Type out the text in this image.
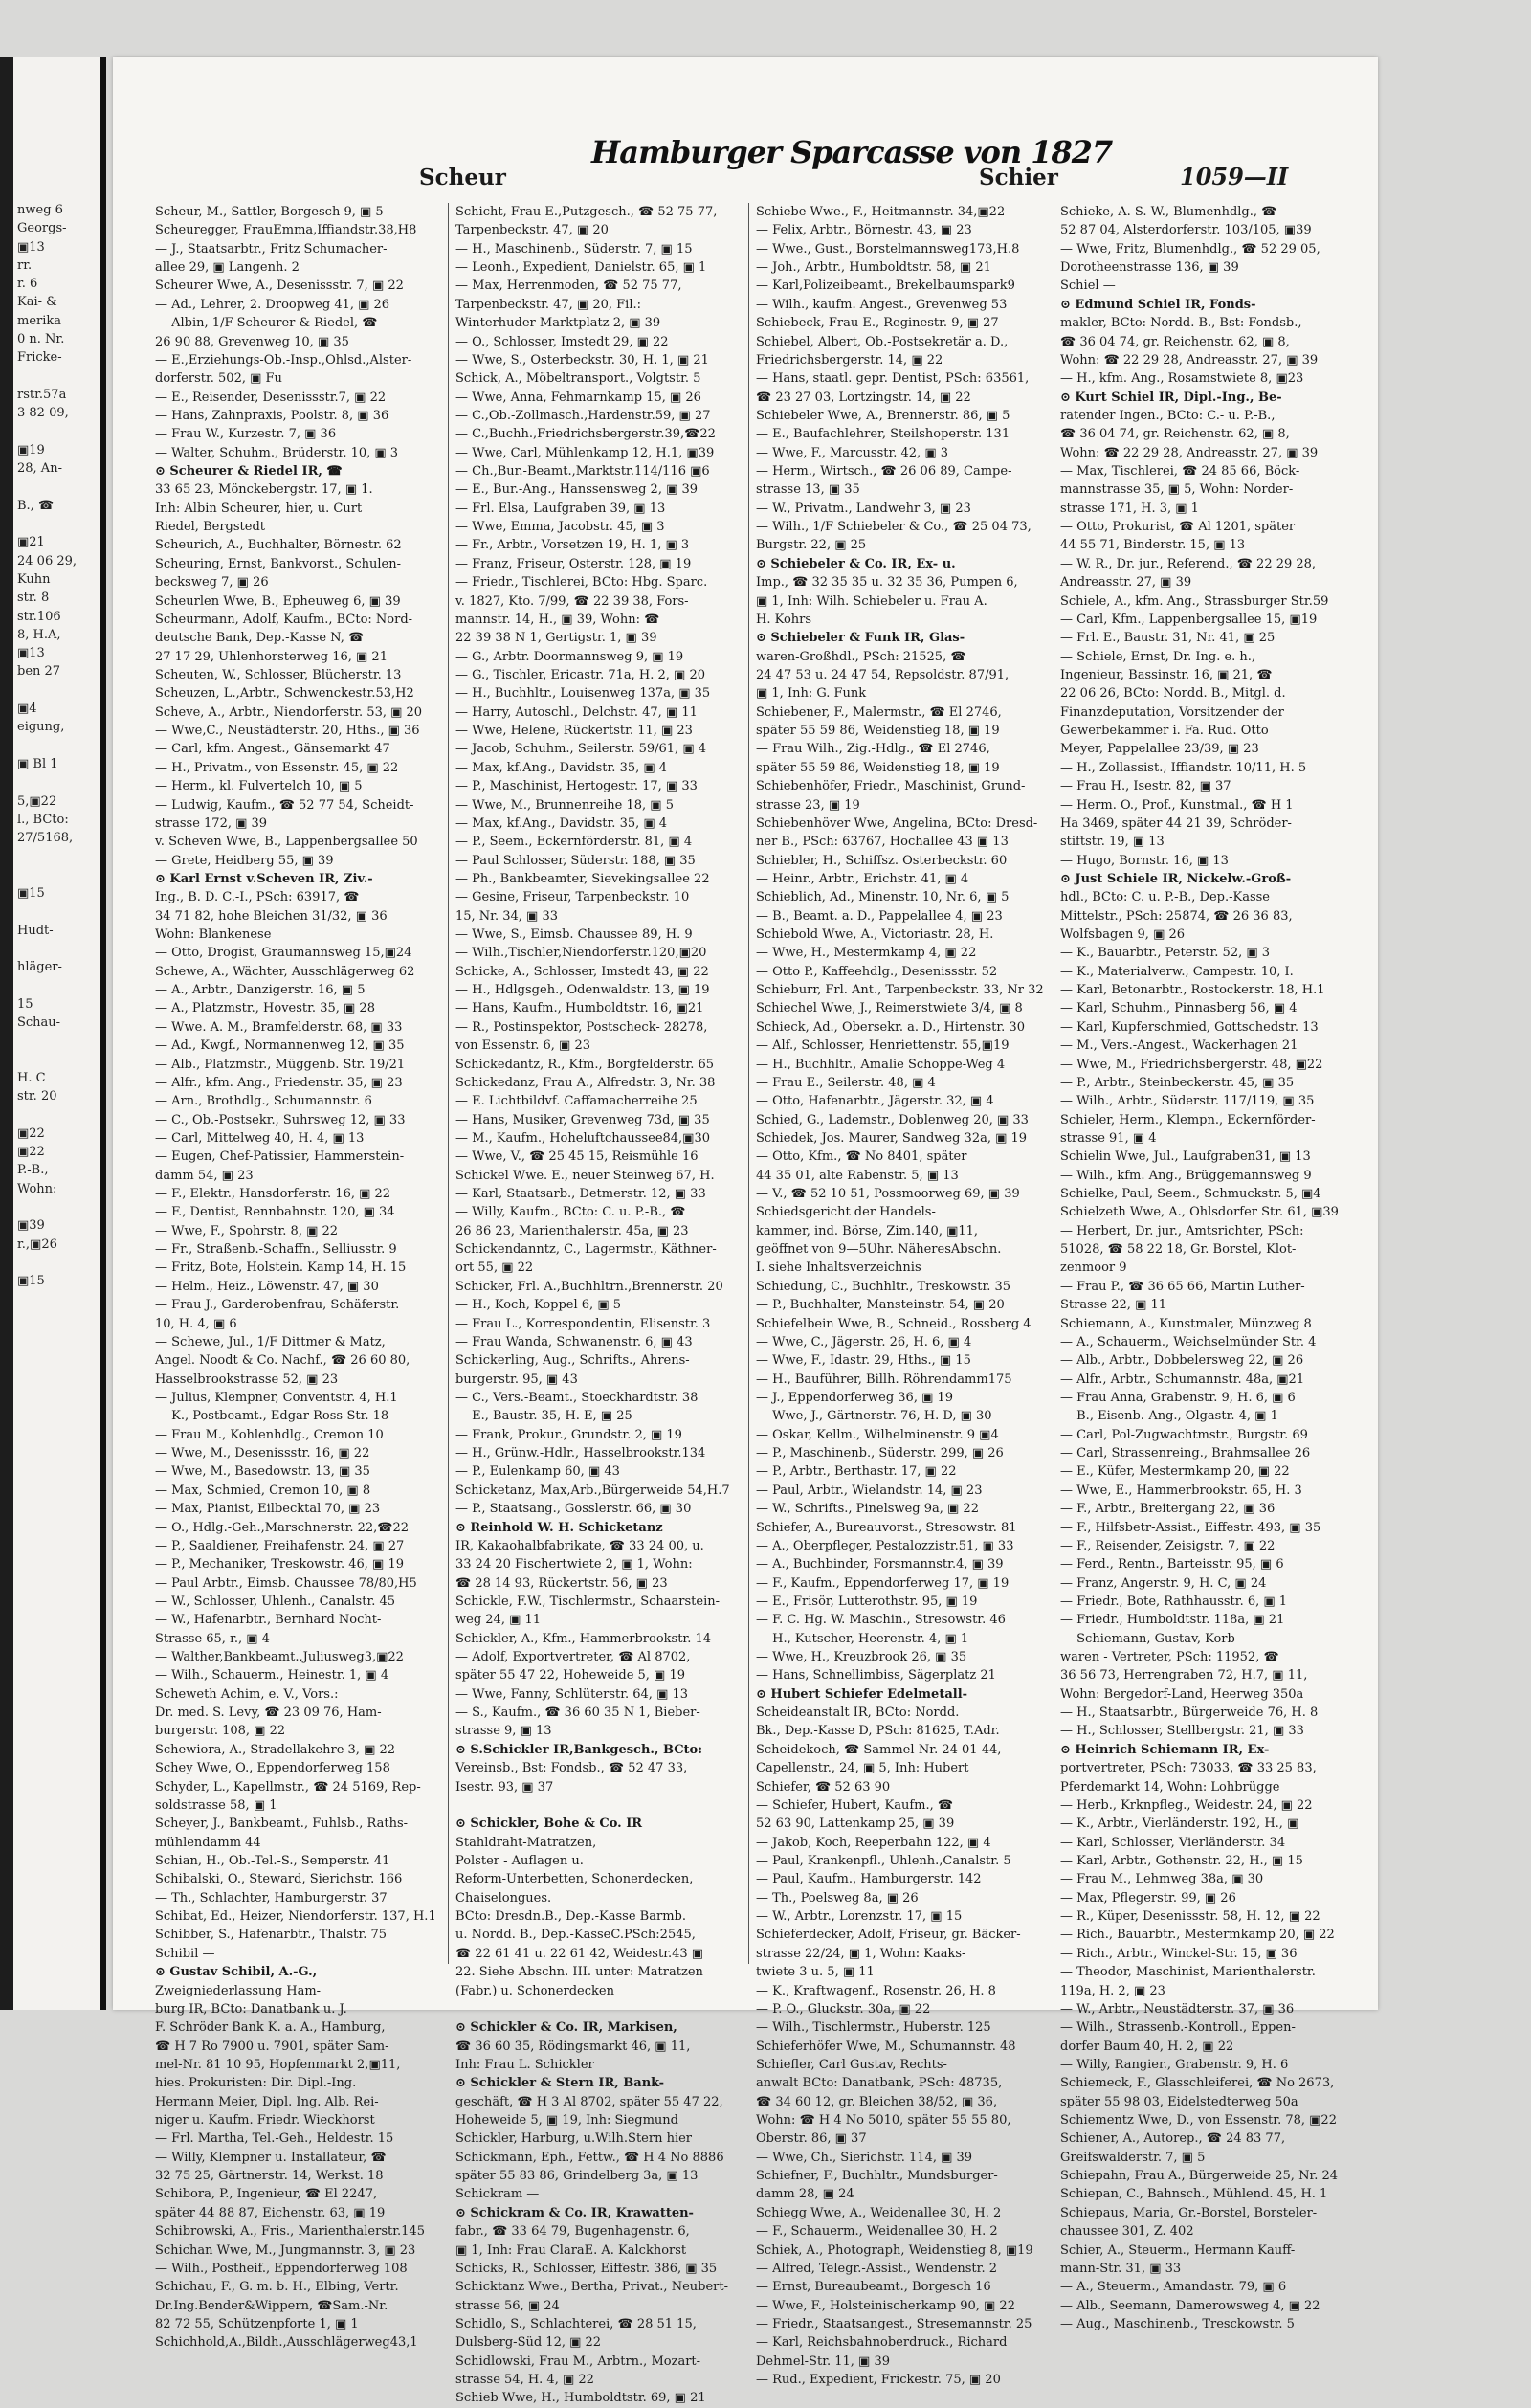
nweg 6
Georgs-
▣13
rr.
r. 6
Kai- &
merika
0 n. Nr.
Fricke-

rstr.57a
3 82 09,

▣19
28, An-

B., ☎

▣21
24 06 29,
Kuhn
str. 8
str.106
8, H.A,
▣13
ben 27

▣4
eigung,

▣ Bl 1

5,▣22
l., BCto:
27/5168,

▣15

Hudt-

hläger-

15
Schau-

H. C
str. 20

▣22
▣22
P.-B.,
Wohn:

▣39
r.,▣26

▣15
Scheur
Hamburger Sparcasse von 1827
Schier	1059—II
Scheur, M., Sattler, Borgesch 9, ▣ 5
Scheuregger, FrauEmma,Iffiandstr.38,H8
— J., Staatsarbtr., Fritz Schumacher-
allee 29, ▣ Langenh. 2
Scheurer Wwe, A., Desenissstr. 7, ▣ 22
— Ad., Lehrer, 2. Droopweg 41, ▣ 26
— Albin, 1/F Scheurer & Riedel, ☎
26 90 88, Grevenweg 10, ▣ 35
— E.,Erziehungs-Ob.-Insp.,Ohlsd.,Alster-
dorferstr. 502, ▣ Fu
— E., Reisender, Desenissstr.7, ▣ 22
— Hans, Zahnpraxis, Poolstr. 8, ▣ 36
— Frau W., Kurzestr. 7, ▣ 36
— Walter, Schuhm., Brüderstr. 10, ▣ 3
⊙ Scheurer & Riedel IR, ☎
33 65 23, Mönckebergstr. 17, ▣ 1.
Inh: Albin Scheurer, hier, u. Curt
Riedel, Bergstedt
Scheurich, A., Buchhalter, Börnestr. 62
Scheuring, Ernst, Bankvorst., Schulen-
becksweg 7, ▣ 26
Scheurlen Wwe, B., Epheuweg 6, ▣ 39
Scheurmann, Adolf, Kaufm., BCto: Nord-
deutsche Bank, Dep.-Kasse N, ☎
27 17 29, Uhlenhorsterweg 16, ▣ 21
Scheuten, W., Schlosser, Blücherstr. 13
Scheuzen, L.,Arbtr., Schwenckestr.53,H2
Scheve, A., Arbtr., Niendorferstr. 53, ▣ 20
— Wwe,C., Neustädterstr. 20, Hths., ▣ 36
— Carl, kfm. Angest., Gänsemarkt 47
— H., Privatm., von Essenstr. 45, ▣ 22
— Herm., kl. Fulvertelch 10, ▣ 5
— Ludwig, Kaufm., ☎ 52 77 54, Scheidt-
strasse 172, ▣ 39
v. Scheven Wwe, B., Lappenbergsallee 50
— Grete, Heidberg 55, ▣ 39
⊙ Karl Ernst v.Scheven IR, Ziv.-
Ing., B. D. C.-I., PSch: 63917, ☎
34 71 82, hohe Bleichen 31/32, ▣ 36
Wohn: Blankenese
— Otto, Drogist, Graumannsweg 15,▣24
Schewe, A., Wächter, Ausschlägerweg 62
— A., Arbtr., Danzigerstr. 16, ▣ 5
— A., Platzmstr., Hovestr. 35, ▣ 28
— Wwe. A. M., Bramfelderstr. 68, ▣ 33
— Ad., Kwgf., Normannenweg 12, ▣ 35
— Alb., Platzmstr., Müggenb. Str. 19/21
— Alfr., kfm. Ang., Friedenstr. 35, ▣ 23
— Arn., Brothdlg., Schumannstr. 6
— C., Ob.-Postsekr., Suhrsweg 12, ▣ 33
— Carl, Mittelweg 40, H. 4, ▣ 13
— Eugen, Chef-Patissier, Hammerstein-
damm 54, ▣ 23
— F., Elektr., Hansdorferstr. 16, ▣ 22
— F., Dentist, Rennbahnstr. 120, ▣ 34
— Wwe, F., Spohrstr. 8, ▣ 22
— Fr., Straßenb.-Schaffn., Selliusstr. 9
— Fritz, Bote, Holstein. Kamp 14, H. 15
— Helm., Heiz., Löwenstr. 47, ▣ 30
— Frau J., Garderobenfrau, Schäferstr.
10, H. 4, ▣ 6
— Schewe, Jul., 1/F Dittmer & Matz,
Angel. Noodt & Co. Nachf., ☎ 26 60 80,
Hasselbrookstrasse 52, ▣ 23
— Julius, Klempner, Conventstr. 4, H.1
— K., Postbeamt., Edgar Ross-Str. 18
— Frau M., Kohlenhdlg., Cremon 10
— Wwe, M., Desenissstr. 16, ▣ 22
— Wwe, M., Basedowstr. 13, ▣ 35
— Max, Schmied, Cremon 10, ▣ 8
— Max, Pianist, Eilbecktal 70, ▣ 23
— O., Hdlg.-Geh.,Marschnerstr. 22,☎22
— P., Saaldiener, Freihafenstr. 24, ▣ 27
— P., Mechaniker, Treskowstr. 46, ▣ 19
— Paul Arbtr., Eimsb. Chaussee 78/80,H5
— W., Schlosser, Uhlenh., Canalstr. 45
— W., Hafenarbtr., Bernhard Nocht-
Strasse 65, r., ▣ 4
— Walther,Bankbeamt.,Juliusweg3,▣22
— Wilh., Schauerm., Heinestr. 1, ▣ 4
Scheweth Achim, e. V., Vors.:
Dr. med. S. Levy, ☎ 23 09 76, Ham-
burgerstr. 108, ▣ 22
Schewiora, A., Stradellakehre 3, ▣ 22
Schey Wwe, O., Eppendorferweg 158
Schyder, L., Kapellmstr., ☎ 24 5169, Rep-
soldstrasse 58, ▣ 1
Scheyer, J., Bankbeamt., Fuhlsb., Raths-
mühlendamm 44
Schian, H., Ob.-Tel.-S., Semperstr. 41
Schibalski, O., Steward, Sierichstr. 166
— Th., Schlachter, Hamburgerstr. 37
Schibat, Ed., Heizer, Niendorferstr. 137, H.1
Schibber, S., Hafenarbtr., Thalstr. 75
Schibil —
⊙ Gustav Schibil, A.-G.,
Zweigniederlassung Ham-
burg IR, BCto: Danatbank u. J.
F. Schröder Bank K. a. A., Hamburg,
☎ H 7 Ro 7900 u. 7901, später Sam-
mel-Nr. 81 10 95, Hopfenmarkt 2,▣11,
hies. Prokuristen: Dir. Dipl.-Ing.
Hermann Meier, Dipl. Ing. Alb. Rei-
niger u. Kaufm. Friedr. Wieckhorst
— Frl. Martha, Tel.-Geh., Heldestr. 15
— Willy, Klempner u. Installateur, ☎
32 75 25, Gärtnerstr. 14, Werkst. 18
Schibora, P., Ingenieur, ☎ El 2247,
später 44 88 87, Eichenstr. 63, ▣ 19
Schibrowski, A., Fris., Marienthalerstr.145
Schichan Wwe, M., Jungmannstr. 3, ▣ 23
— Wilh., Postheif., Eppendorferweg 108
Schichau, F., G. m. b. H., Elbing, Vertr.
Dr.Ing.Bender&Wippern, ☎Sam.-Nr.
82 72 55, Schützenpforte 1, ▣ 1
Schichhold,A.,Bildh.,Ausschlägerweg43,1
Schicht, Frau E.,Putzgesch., ☎ 52 75 77,
Tarpenbeckstr. 47, ▣ 20
— H., Maschinenb., Süderstr. 7, ▣ 15
— Leonh., Expedient, Danielstr. 65, ▣ 1
— Max, Herrenmoden, ☎ 52 75 77,
Tarpenbeckstr. 47, ▣ 20, Fil.:
Winterhuder Marktplatz 2, ▣ 39
— O., Schlosser, Imstedt 29, ▣ 22
— Wwe, S., Osterbeckstr. 30, H. 1, ▣ 21
Schick, A., Möbeltransport., Volgtstr. 5
— Wwe, Anna, Fehmarnkamp 15, ▣ 26
— C.,Ob.-Zollmasch.,Hardenstr.59, ▣ 27
— C.,Buchh.,Friedrichsbergerstr.39,☎22
— Wwe, Carl, Mühlenkamp 12, H.1, ▣39
— Ch.,Bur.-Beamt.,Marktstr.114/116 ▣6
— E., Bur.-Ang., Hanssensweg 2, ▣ 39
— Frl. Elsa, Laufgraben 39, ▣ 13
— Wwe, Emma, Jacobstr. 45, ▣ 3
— Fr., Arbtr., Vorsetzen 19, H. 1, ▣ 3
— Franz, Friseur, Osterstr. 128, ▣ 19
— Friedr., Tischlerei, BCto: Hbg. Sparc.
v. 1827, Kto. 7/99, ☎ 22 39 38, Fors-
mannstr. 14, H., ▣ 39, Wohn: ☎
22 39 38 N 1, Gertigstr. 1, ▣ 39
— G., Arbtr. Doormannsweg 9, ▣ 19
— G., Tischler, Ericastr. 71a, H. 2, ▣ 20
— H., Buchhltr., Louisenweg 137a, ▣ 35
— Harry, Autoschl., Delchstr. 47, ▣ 11
— Wwe, Helene, Rückertstr. 11, ▣ 23
— Jacob, Schuhm., Seilerstr. 59/61, ▣ 4
— Max, kf.Ang., Davidstr. 35, ▣ 4
— P., Maschinist, Hertogestr. 17, ▣ 33
— Wwe, M., Brunnenreihe 18, ▣ 5
— Max, kf.Ang., Davidstr. 35, ▣ 4
— P., Seem., Eckernförderstr. 81, ▣ 4
— Paul Schlosser, Süderstr. 188, ▣ 35
— Ph., Bankbeamter, Sievekingsallee 22
— Gesine, Friseur, Tarpenbeckstr. 10
15, Nr. 34, ▣ 33
— Wwe, S., Eimsb. Chaussee 89, H. 9
— Wilh.,Tischler,Niendorferstr.120,▣20
Schicke, A., Schlosser, Imstedt 43, ▣ 22
— H., Hdlgsgeh., Odenwaldstr. 13, ▣ 19
— Hans, Kaufm., Humboldtstr. 16, ▣21
— R., Postinspektor, Postscheck- 28278,
von Essenstr. 6, ▣ 23
Schickedantz, R., Kfm., Borgfelderstr. 65
Schickedanz, Frau A., Alfredstr. 3, Nr. 38
— E. Lichtbildvf. Caffamacherreihe 25
— Hans, Musiker, Grevenweg 73d, ▣ 35
— M., Kaufm., Hoheluftchaussee84,▣30
— Wwe, V., ☎ 25 45 15, Reismühle 16
Schickel Wwe. E., neuer Steinweg 67, H.
— Karl, Staatsarb., Detmerstr. 12, ▣ 33
— Willy, Kaufm., BCto: C. u. P.-B., ☎
26 86 23, Marienthalerstr. 45a, ▣ 23
Schickendanntz, C., Lagermstr., Käthner-
ort 55, ▣ 22
Schicker, Frl. A.,Buchhltrn.,Brennerstr. 20
— H., Koch, Koppel 6, ▣ 5
— Frau L., Korrespondentin, Elisenstr. 3
— Frau Wanda, Schwanenstr. 6, ▣ 43
Schickerling, Aug., Schrifts., Ahrens-
burgerstr. 95, ▣ 43
— C., Vers.-Beamt., Stoeckhardtstr. 38
— E., Baustr. 35, H. E, ▣ 25
— Frank, Prokur., Grundstr. 2, ▣ 19
— H., Grünw.-Hdlr., Hasselbrookstr.134
— P., Eulenkamp 60, ▣ 43
Schicketanz, Max,Arb.,Bürgerweide 54,H.7
— P., Staatsang., Gosslerstr. 66, ▣ 30
⊙ Reinhold W. H. Schicketanz
IR, Kakaohalbfabrikate, ☎ 33 24 00, u.
33 24 20 Fischertwiete 2, ▣ 1, Wohn:
☎ 28 14 93, Rückertstr. 56, ▣ 23
Schickle, F.W., Tischlermstr., Schaarstein-
weg 24, ▣ 11
Schickler, A., Kfm., Hammerbrookstr. 14
— Adolf, Exportvertreter, ☎ Al 8702,
später 55 47 22, Hoheweide 5, ▣ 19
— Wwe, Fanny, Schlüterstr. 64, ▣ 13
— S., Kaufm., ☎ 36 60 35 N 1, Bieber-
strasse 9, ▣ 13
⊙ S.Schickler IR,Bankgesch., BCto:
Vereinsb., Bst: Fondsb., ☎ 52 47 33,
Isestr. 93, ▣ 37

⊙ Schickler, Bohe & Co. IR
Stahldraht-Matratzen,
Polster - Auflagen u.
Reform-Unterbetten, Schonerdecken,
Chaiselongues.
BCto: Dresdn.B., Dep.-Kasse Barmb.
u. Nordd. B., Dep.-KasseC.PSch:2545,
☎ 22 61 41 u. 22 61 42, Weidestr.43 ▣
22. Siehe Abschn. III. unter: Matratzen
(Fabr.) u. Schonerdecken

⊙ Schickler & Co. IR, Markisen,
☎ 36 60 35, Rödingsmarkt 46, ▣ 11,
Inh: Frau L. Schickler
⊙ Schickler & Stern IR, Bank-
geschäft, ☎ H 3 Al 8702, später 55 47 22,
Hoheweide 5, ▣ 19, Inh: Siegmund
Schickler, Harburg, u.Wilh.Stern hier
Schickmann, Eph., Fettw., ☎ H 4 No 8886
später 55 83 86, Grindelberg 3a, ▣ 13
Schickram —
⊙ Schickram & Co. IR, Krawatten-
fabr., ☎ 33 64 79, Bugenhagenstr. 6,
▣ 1, Inh: Frau ClaraE. A. Kalckhorst
Schicks, R., Schlosser, Eiffestr. 386, ▣ 35
Schicktanz Wwe., Bertha, Privat., Neubert-
strasse 56, ▣ 24
Schidlo, S., Schlachterei, ☎ 28 51 15,
Dulsberg-Süd 12, ▣ 22
Schidlowski, Frau M., Arbtrn., Mozart-
strasse 54, H. 4, ▣ 22
Schieb Wwe, H., Humboldtstr. 69, ▣ 21
Schiebe Wwe., F., Heitmannstr. 34,▣22
— Felix, Arbtr., Börnestr. 43, ▣ 23
— Wwe., Gust., Borstelmannsweg173,H.8
— Joh., Arbtr., Humboldtstr. 58, ▣ 21
— Karl,Polizeibeamt., Brekelbaumspark9
— Wilh., kaufm. Angest., Grevenweg 53
Schiebeck, Frau E., Reginestr. 9, ▣ 27
Schiebel, Albert, Ob.-Postsekretär a. D.,
Friedrichsbergerstr. 14, ▣ 22
— Hans, staatl. gepr. Dentist, PSch: 63561,
☎ 23 27 03, Lortzingstr. 14, ▣ 22
Schiebeler Wwe, A., Brennerstr. 86, ▣ 5
— E., Baufachlehrer, Steilshoperstr. 131
— Wwe, F., Marcusstr. 42, ▣ 3
— Herm., Wirtsch., ☎ 26 06 89, Campe-
strasse 13, ▣ 35
— W., Privatm., Landwehr 3, ▣ 23
— Wilh., 1/F Schiebeler & Co., ☎ 25 04 73,
Burgstr. 22, ▣ 25
⊙ Schiebeler & Co. IR, Ex- u.
Imp., ☎ 32 35 35 u. 32 35 36, Pumpen 6,
▣ 1, Inh: Wilh. Schiebeler u. Frau A.
H. Kohrs
⊙ Schiebeler & Funk IR, Glas-
waren-Großhdl., PSch: 21525, ☎
24 47 53 u. 24 47 54, Repsoldstr. 87/91,
▣ 1, Inh: G. Funk
Schiebener, F., Malermstr., ☎ El 2746,
später 55 59 86, Weidenstieg 18, ▣ 19
— Frau Wilh., Zig.-Hdlg., ☎ El 2746,
später 55 59 86, Weidenstieg 18, ▣ 19
Schiebenhöfer, Friedr., Maschinist, Grund-
strasse 23, ▣ 19
Schiebenhöver Wwe, Angelina, BCto: Dresd-
ner B., PSch: 63767, Hochallee 43 ▣ 13
Schiebler, H., Schiffsz. Osterbeckstr. 60
— Heinr., Arbtr., Erichstr. 41, ▣ 4
Schieblich, Ad., Minenstr. 10, Nr. 6, ▣ 5
— B., Beamt. a. D., Pappelallee 4, ▣ 23
Schiebold Wwe, A., Victoriastr. 28, H.
— Wwe, H., Mestermkamp 4, ▣ 22
— Otto P., Kaffeehdlg., Desenissstr. 52
Schieburr, Frl. Ant., Tarpenbeckstr. 33, Nr 32
Schiechel Wwe, J., Reimerstwiete 3/4, ▣ 8
Schieck, Ad., Obersekr. a. D., Hirtenstr. 30
— Alf., Schlosser, Henriettenstr. 55,▣19
— H., Buchhltr., Amalie Schoppe-Weg 4
— Frau E., Seilerstr. 48, ▣ 4
— Otto, Hafenarbtr., Jägerstr. 32, ▣ 4
Schied, G., Lademstr., Doblenweg 20, ▣ 33
Schiedek, Jos. Maurer, Sandweg 32a, ▣ 19
— Otto, Kfm., ☎ No 8401, später
44 35 01, alte Rabenstr. 5, ▣ 13
— V., ☎ 52 10 51, Possmoorweg 69, ▣ 39
Schiedsgericht der Handels-
kammer, ind. Börse, Zim.140, ▣11,
geöffnet von 9—5Uhr. NäheresAbschn.
I. siehe Inhaltsverzeichnis
Schiedung, C., Buchhltr., Treskowstr. 35
— P., Buchhalter, Mansteinstr. 54, ▣ 20
Schiefelbein Wwe, B., Schneid., Rossberg 4
— Wwe, C., Jägerstr. 26, H. 6, ▣ 4
— Wwe, F., Idastr. 29, Hths., ▣ 15
— H., Bauführer, Billh. Röhrendamm175
— J., Eppendorferweg 36, ▣ 19
— Wwe, J., Gärtnerstr. 76, H. D, ▣ 30
— Oskar, Kellm., Wilhelminenstr. 9 ▣4
— P., Maschinenb., Süderstr. 299, ▣ 26
— P., Arbtr., Berthastr. 17, ▣ 22
— Paul, Arbtr., Wielandstr. 14, ▣ 23
— W., Schrifts., Pinelsweg 9a, ▣ 22
Schiefer, A., Bureauvorst., Stresowstr. 81
— A., Oberpfleger, Pestalozzistr.51, ▣ 33
— A., Buchbinder, Forsmannstr.4, ▣ 39
— F., Kaufm., Eppendorferweg 17, ▣ 19
— E., Frisör, Lutterothstr. 95, ▣ 19
— F. C. Hg. W. Maschin., Stresowstr. 46
— H., Kutscher, Heerenstr. 4, ▣ 1
— Wwe, H., Kreuzbrook 26, ▣ 35
— Hans, Schnellimbiss, Sägerplatz 21
⊙ Hubert Schiefer Edelmetall-
Scheideanstalt IR, BCto: Nordd.
Bk., Dep.-Kasse D, PSch: 81625, T.Adr.
Scheidekoch, ☎ Sammel-Nr. 24 01 44,
Capellenstr., 24, ▣ 5, Inh: Hubert
Schiefer, ☎ 52 63 90
— Schiefer, Hubert, Kaufm., ☎
52 63 90, Lattenkamp 25, ▣ 39
— Jakob, Koch, Reeperbahn 122, ▣ 4
— Paul, Krankenpfl., Uhlenh.,Canalstr. 5
— Paul, Kaufm., Hamburgerstr. 142
— Th., Poelsweg 8a, ▣ 26
— W., Arbtr., Lorenzstr. 17, ▣ 15
Schieferdecker, Adolf, Friseur, gr. Bäcker-
strasse 22/24, ▣ 1, Wohn: Kaaks-
twiete 3 u. 5, ▣ 11
— K., Kraftwagenf., Rosenstr. 26, H. 8
— P. O., Gluckstr. 30a, ▣ 22
— Wilh., Tischlermstr., Huberstr. 125
Schieferhöfer Wwe, M., Schumannstr. 48
Schiefler, Carl Gustav, Rechts-
anwalt BCto: Danatbank, PSch: 48735,
☎ 34 60 12, gr. Bleichen 38/52, ▣ 36,
Wohn: ☎ H 4 No 5010, später 55 55 80,
Oberstr. 86, ▣ 37
— Wwe, Ch., Sierichstr. 114, ▣ 39
Schiefner, F., Buchhltr., Mundsburger-
damm 28, ▣ 24
Schiegg Wwe, A., Weidenallee 30, H. 2
— F., Schauerm., Weidenallee 30, H. 2
Schiek, A., Photograph, Weidenstieg 8, ▣19
— Alfred, Telegr.-Assist., Wendenstr. 2
— Ernst, Bureaubeamt., Borgesch 16
— Wwe, F., Holsteinischerkamp 90, ▣ 22
— Friedr., Staatsangest., Stresemannstr. 25
— Karl, Reichsbahnoberdruck., Richard
Dehmel-Str. 11, ▣ 39
— Rud., Expedient, Frickestr. 75, ▣ 20
Schieke, A. S. W., Blumenhdlg., ☎
52 87 04, Alsterdorferstr. 103/105, ▣39
— Wwe, Fritz, Blumenhdlg., ☎ 52 29 05,
Dorotheenstrasse 136, ▣ 39
Schiel —
⊙ Edmund Schiel IR, Fonds-
makler, BCto: Nordd. B., Bst: Fondsb.,
☎ 36 04 74, gr. Reichenstr. 62, ▣ 8,
Wohn: ☎ 22 29 28, Andreasstr. 27, ▣ 39
— H., kfm. Ang., Rosamstwiete 8, ▣23
⊙ Kurt Schiel IR, Dipl.-Ing., Be-
ratender Ingen., BCto: C.- u. P.-B.,
☎ 36 04 74, gr. Reichenstr. 62, ▣ 8,
Wohn: ☎ 22 29 28, Andreasstr. 27, ▣ 39
— Max, Tischlerei, ☎ 24 85 66, Böck-
mannstrasse 35, ▣ 5, Wohn: Norder-
strasse 171, H. 3, ▣ 1
— Otto, Prokurist, ☎ Al 1201, später
44 55 71, Binderstr. 15, ▣ 13
— W. R., Dr. jur., Referend., ☎ 22 29 28,
Andreasstr. 27, ▣ 39
Schiele, A., kfm. Ang., Strassburger Str.59
— Carl, Kfm., Lappenbergsallee 15, ▣19
— Frl. E., Baustr. 31, Nr. 41, ▣ 25
— Schiele, Ernst, Dr. Ing. e. h.,
Ingenieur, Bassinstr. 16, ▣ 21, ☎
22 06 26, BCto: Nordd. B., Mitgl. d.
Finanzdeputation, Vorsitzender der
Gewerbekammer i. Fa. Rud. Otto
Meyer, Pappelallee 23/39, ▣ 23
— H., Zollassist., Iffiandstr. 10/11, H. 5
— Frau H., Isestr. 82, ▣ 37
— Herm. O., Prof., Kunstmal., ☎ H 1
Ha 3469, später 44 21 39, Schröder-
stiftstr. 19, ▣ 13
— Hugo, Bornstr. 16, ▣ 13
⊙ Just Schiele IR, Nickelw.-Groß-
hdl., BCto: C. u. P.-B., Dep.-Kasse
Mittelstr., PSch: 25874, ☎ 26 36 83,
Wolfsbagen 9, ▣ 26
— K., Bauarbtr., Peterstr. 52, ▣ 3
— K., Materialverw., Campestr. 10, I.
— Karl, Betonarbtr., Rostockerstr. 18, H.1
— Karl, Schuhm., Pinnasberg 56, ▣ 4
— Karl, Kupferschmied, Gottschedstr. 13
— M., Vers.-Angest., Wackerhagen 21
— Wwe, M., Friedrichsbergerstr. 48, ▣22
— P., Arbtr., Steinbeckerstr. 45, ▣ 35
— Wilh., Arbtr., Süderstr. 117/119, ▣ 35
Schieler, Herm., Klempn., Eckernförder-
strasse 91, ▣ 4
Schielin Wwe, Jul., Laufgraben31, ▣ 13
— Wilh., kfm. Ang., Brüggemannsweg 9
Schielke, Paul, Seem., Schmuckstr. 5, ▣4
Schielzeth Wwe, A., Ohlsdorfer Str. 61, ▣39
— Herbert, Dr. jur., Amtsrichter, PSch:
51028, ☎ 58 22 18, Gr. Borstel, Klot-
zenmoor 9
— Frau P., ☎ 36 65 66, Martin Luther-
Strasse 22, ▣ 11
Schiemann, A., Kunstmaler, Münzweg 8
— A., Schauerm., Weichselmünder Str. 4
— Alb., Arbtr., Dobbelersweg 22, ▣ 26
— Alfr., Arbtr., Schumannstr. 48a, ▣21
— Frau Anna, Grabenstr. 9, H. 6, ▣ 6
— B., Eisenb.-Ang., Olgastr. 4, ▣ 1
— Carl, Pol-Zugwachtmstr., Burgstr. 69
— Carl, Strassenreing., Brahmsallee 26
— E., Küfer, Mestermkamp 20, ▣ 22
— Wwe, E., Hammerbrookstr. 65, H. 3
— F., Arbtr., Breitergang 22, ▣ 36
— F., Hilfsbetr-Assist., Eiffestr. 493, ▣ 35
— F., Reisender, Zeisigstr. 7, ▣ 22
— Ferd., Rentn., Barteisstr. 95, ▣ 6
— Franz, Angerstr. 9, H. C, ▣ 24
— Friedr., Bote, Rathhausstr. 6, ▣ 1
— Friedr., Humboldtstr. 118a, ▣ 21
— Schiemann, Gustav, Korb-
waren - Vertreter, PSch: 11952, ☎
36 56 73, Herrengraben 72, H.7, ▣ 11,
Wohn: Bergedorf-Land, Heerweg 350a
— H., Staatsarbtr., Bürgerweide 76, H. 8
— H., Schlosser, Stellbergstr. 21, ▣ 33
⊙ Heinrich Schiemann IR, Ex-
portvertreter, PSch: 73033, ☎ 33 25 83,
Pferdemarkt 14, Wohn: Lohbrügge
— Herb., Krknpfleg., Weidestr. 24, ▣ 22
— K., Arbtr., Vierländerstr. 192, H., ▣
— Karl, Schlosser, Vierländerstr. 34
— Karl, Arbtr., Gothenstr. 22, H., ▣ 15
— Frau M., Lehmweg 38a, ▣ 30
— Max, Pflegerstr. 99, ▣ 26
— R., Küper, Desenissstr. 58, H. 12, ▣ 22
— Rich., Bauarbtr., Mestermkamp 20, ▣ 22
— Rich., Arbtr., Winckel-Str. 15, ▣ 36
— Theodor, Maschinist, Marienthalerstr.
119a, H. 2, ▣ 23
— W., Arbtr., Neustädterstr. 37, ▣ 36
— Wilh., Strassenb.-Kontroll., Eppen-
dorfer Baum 40, H. 2, ▣ 22
— Willy, Rangier., Grabenstr. 9, H. 6
Schiemeck, F., Glasschleiferei, ☎ No 2673,
später 55 98 03, Eidelstedterweg 50a
Schiementz Wwe, D., von Essenstr. 78, ▣22
Schiener, A., Autorep., ☎ 24 83 77,
Greifswalderstr. 7, ▣ 5
Schiepahn, Frau A., Bürgerweide 25, Nr. 24
Schiepan, C., Bahnsch., Mühlend. 45, H. 1
Schiepaus, Maria, Gr.-Borstel, Borsteler-
chaussee 301, Z. 402
Schier, A., Steuerm., Hermann Kauff-
mann-Str. 31, ▣ 33
— A., Steuerm., Amandastr. 79, ▣ 6
— Alb., Seemann, Damerowsweg 4, ▣ 22
— Aug., Maschinenb., Tresckowstr. 5
